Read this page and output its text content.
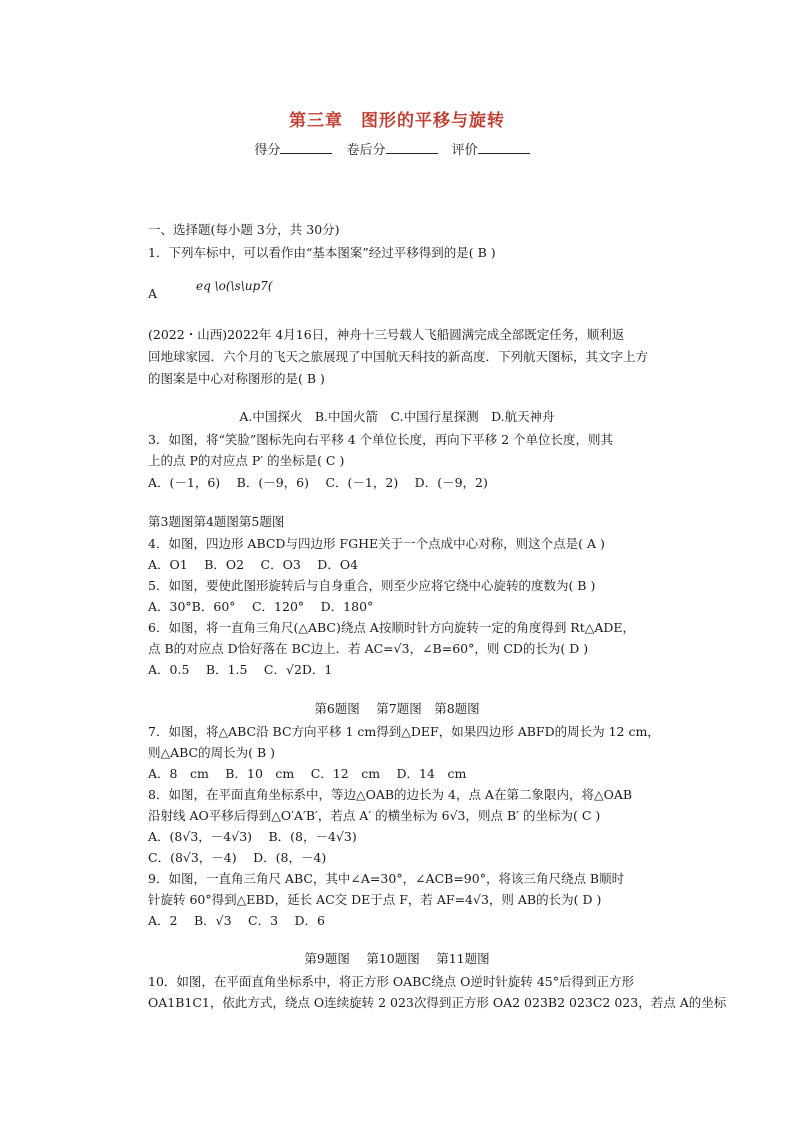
第三章　图形的平移与旋转
得分	卷后分	评价
一、选择题(每小题 3分，共 30分)
1．下列车标中，可以看作由“基本图案”经过平移得到的是( B )
eq \o(\s\up7(
A
(2022・山西)2022年 4月16日，神舟十三号载人飞船圆满完成全部既定任务，顺利返
回地球家园．六个月的飞天之旅展现了中国航天科技的新高度．下列航天图标，其文字上方
的图案是中心对称图形的是( B )
A.中国探火　B.中国火箭　C.中国行星探测　D.航天神舟
3．如图，将“笑脸”图标先向右平移 4 个单位长度，再向下平移 2 个单位长度，则其
上的点 P的对应点 P′ 的坐标是( C )
A．(－1，6)　 B．(－9，6)　 C．(－1，2)　 D．(－9，2)
第3题图第4题图第5题图
4．如图，四边形 ABCD与四边形 FGHE关于一个点成中心对称，则这个点是( A )
A．O1　 B．O2　 C．O3　 D．O4
5．如图，要使此图形旋转后与自身重合，则至少应将它绕中心旋转的度数为( B )
A．30°B．60°　 C．120°　 D．180°
6．如图，将一直角三角尺(△ABC)绕点 A按顺时针方向旋转一定的角度得到 Rt△ADE，
点 B的对应点 D恰好落在 BC边上．若 AC=√3，∠B=60°，则 CD的长为( D )
A．0.5　 B．1.5　 C．√2D．1
第6题图　 第7题图　第8题图
7．如图，将△ABC沿 BC方向平移 1 cm得到△DEF，如果四边形 ABFD的周长为 12 cm，
则△ABC的周长为( B )
A．8　cm　 B．10　cm　 C．12　cm　 D．14　cm
8．如图，在平面直角坐标系中，等边△OAB的边长为 4，点 A在第二象限内，将△OAB
沿射线 AO平移后得到△O′A′B′，若点 A′ 的横坐标为 6√3，则点 B′ 的坐标为( C )
A．(8√3，－4√3)　 B．(8，－4√3)
C．(8√3，－4)　 D．(8，－4)
9．如图，一直角三角尺 ABC，其中∠A=30°，∠ACB=90°，将该三角尺绕点 B顺时
针旋转 60°得到△EBD，延长 AC交 DE于点 F，若 AF=4√3，则 AB的长为( D )
A．2　 B．√3　 C．3　 D．6
第9题图　 第10题图　 第11题图
10．如图，在平面直角坐标系中，将正方形 OABC绕点 O逆时针旋转 45°后得到正方形
OA1B1C1，依此方式，绕点 O连续旋转 2 023次得到正方形 OA2 023B2 023C2 023，若点 A的坐标
